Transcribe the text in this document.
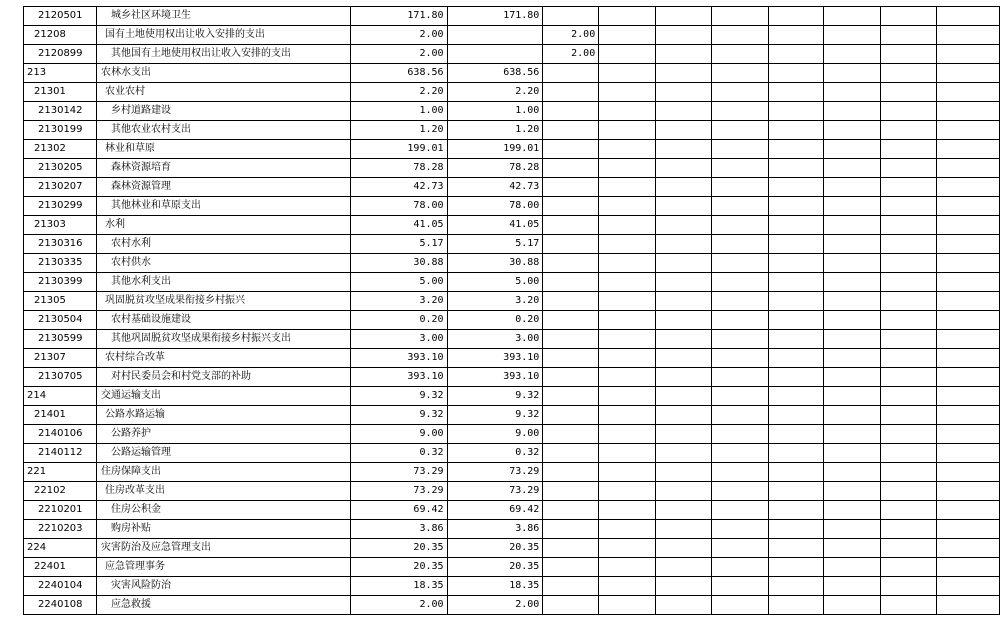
2120501	城乡社区环境卫生	171.80	171.80								
21208	国有土地使用权出让收入安排的支出	2.00		2.00							
2120899	其他国有土地使用权出让收入安排的支出	2.00		2.00							
213	农林水支出	638.56	638.56								
21301	农业农村	2.20	2.20								
2130142	乡村道路建设	1.00	1.00								
2130199	其他农业农村支出	1.20	1.20								
21302	林业和草原	199.01	199.01								
2130205	森林资源培育	78.28	78.28								
2130207	森林资源管理	42.73	42.73								
2130299	其他林业和草原支出	78.00	78.00								
21303	水利	41.05	41.05								
2130316	农村水利	5.17	5.17								
2130335	农村供水	30.88	30.88								
2130399	其他水利支出	5.00	5.00								
21305	巩固脱贫攻坚成果衔接乡村振兴	3.20	3.20								
2130504	农村基础设施建设	0.20	0.20								
2130599	其他巩固脱贫攻坚成果衔接乡村振兴支出	3.00	3.00								
21307	农村综合改革	393.10	393.10								
2130705	对村民委员会和村党支部的补助	393.10	393.10								
214	交通运输支出	9.32	9.32								
21401	公路水路运输	9.32	9.32								
2140106	公路养护	9.00	9.00								
2140112	公路运输管理	0.32	0.32								
221	住房保障支出	73.29	73.29								
22102	住房改革支出	73.29	73.29								
2210201	住房公积金	69.42	69.42								
2210203	购房补贴	3.86	3.86								
224	灾害防治及应急管理支出	20.35	20.35								
22401	应急管理事务	20.35	20.35								
2240104	灾害风险防治	18.35	18.35								
2240108	应急救援	2.00	2.00								
